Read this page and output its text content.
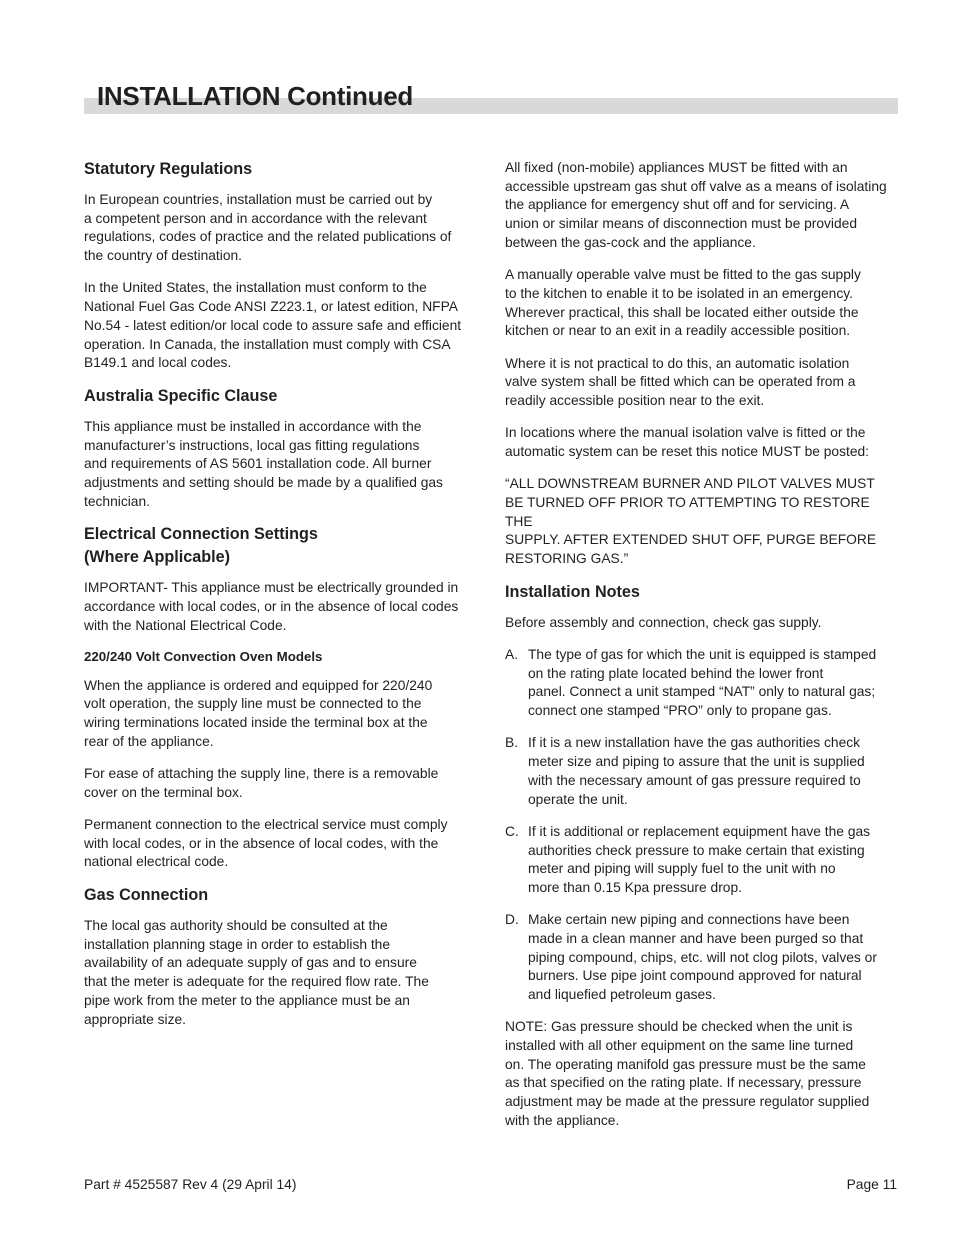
INSTALLATION Continued
Statutory Regulations

In European countries, installation must be carried out by
a competent person and in accordance with the relevant
regulations, codes of practice and the related publications of
the country of destination.

In the United States, the installation must conform to the
National Fuel Gas Code ANSI Z223.1, or latest edition, NFPA
No.54 - latest edition/or local code to assure safe and efficient
operation. In Canada, the installation must comply with CSA
B149.1 and local codes.

Australia Specific Clause

This appliance must be installed in accordance with the
manufacturer’s instructions, local gas fitting regulations
and requirements of AS 5601 installation code. All burner
adjustments and setting should be made by a qualified gas
technician.

Electrical Connection Settings
(Where Applicable)

IMPORTANT- This appliance must be electrically grounded in
accordance with local codes, or in the absence of local codes
with the National Electrical Code.

220/240 Volt Convection Oven Models

When the appliance is ordered and equipped for 220/240
volt operation, the supply line must be connected to the
wiring terminations located inside the terminal box at the
rear of the appliance.

For ease of attaching the supply line, there is a removable
cover on the terminal box.

Permanent connection to the electrical service must comply
with local codes, or in the absence of local codes, with the
national electrical code.

Gas Connection

The local gas authority should be consulted at the
installation planning stage in order to establish the
availability of an adequate supply of gas and to ensure
that the meter is adequate for the required flow rate. The
pipe work from the meter to the appliance must be an
appropriate size.

All fixed (non-mobile) appliances MUST be fitted with an
accessible upstream gas shut off valve as a means of isolating
the appliance for emergency shut off and for servicing. A
union or similar means of disconnection must be provided
between the gas-cock and the appliance.

A manually operable valve must be fitted to the gas supply
to the kitchen to enable it to be isolated in an emergency.
Wherever practical, this shall be located either outside the
kitchen or near to an exit in a readily accessible position.

Where it is not practical to do this, an automatic isolation
valve system shall be fitted which can be operated from a
readily accessible position near to the exit.

In locations where the manual isolation valve is fitted or the
automatic system can be reset this notice MUST be posted:

“ALL DOWNSTREAM BURNER AND PILOT VALVES MUST
BE TURNED OFF PRIOR TO ATTEMPTING TO RESTORE THE
SUPPLY. AFTER EXTENDED SHUT OFF, PURGE BEFORE
RESTORING GAS.”

Installation Notes

Before assembly and connection, check gas supply.

A. The type of gas for which the unit is equipped is stamped
on the rating plate located behind the lower front
panel. Connect a unit stamped “NAT” only to natural gas;
connect one stamped “PRO” only to propane gas.
B. If it is a new installation have the gas authorities check
meter size and piping to assure that the unit is supplied
with the necessary amount of gas pressure required to
operate the unit.
C. If it is additional or replacement equipment have the gas
authorities check pressure to make certain that existing
meter and piping will supply fuel to the unit with no
more than 0.15 Kpa pressure drop.
D. Make certain new piping and connections have been
made in a clean manner and have been purged so that
piping compound, chips, etc. will not clog pilots, valves or
burners. Use pipe joint compound approved for natural
and liquefied petroleum gases.

NOTE: Gas pressure should be checked when the unit is
installed with all other equipment on the same line turned
on. The operating manifold gas pressure must be the same
as that specified on the rating plate. If necessary, pressure
adjustment may be made at the pressure regulator supplied
with the appliance.

Part # 4525587 Rev 4 (29 April 14)	Page 11
